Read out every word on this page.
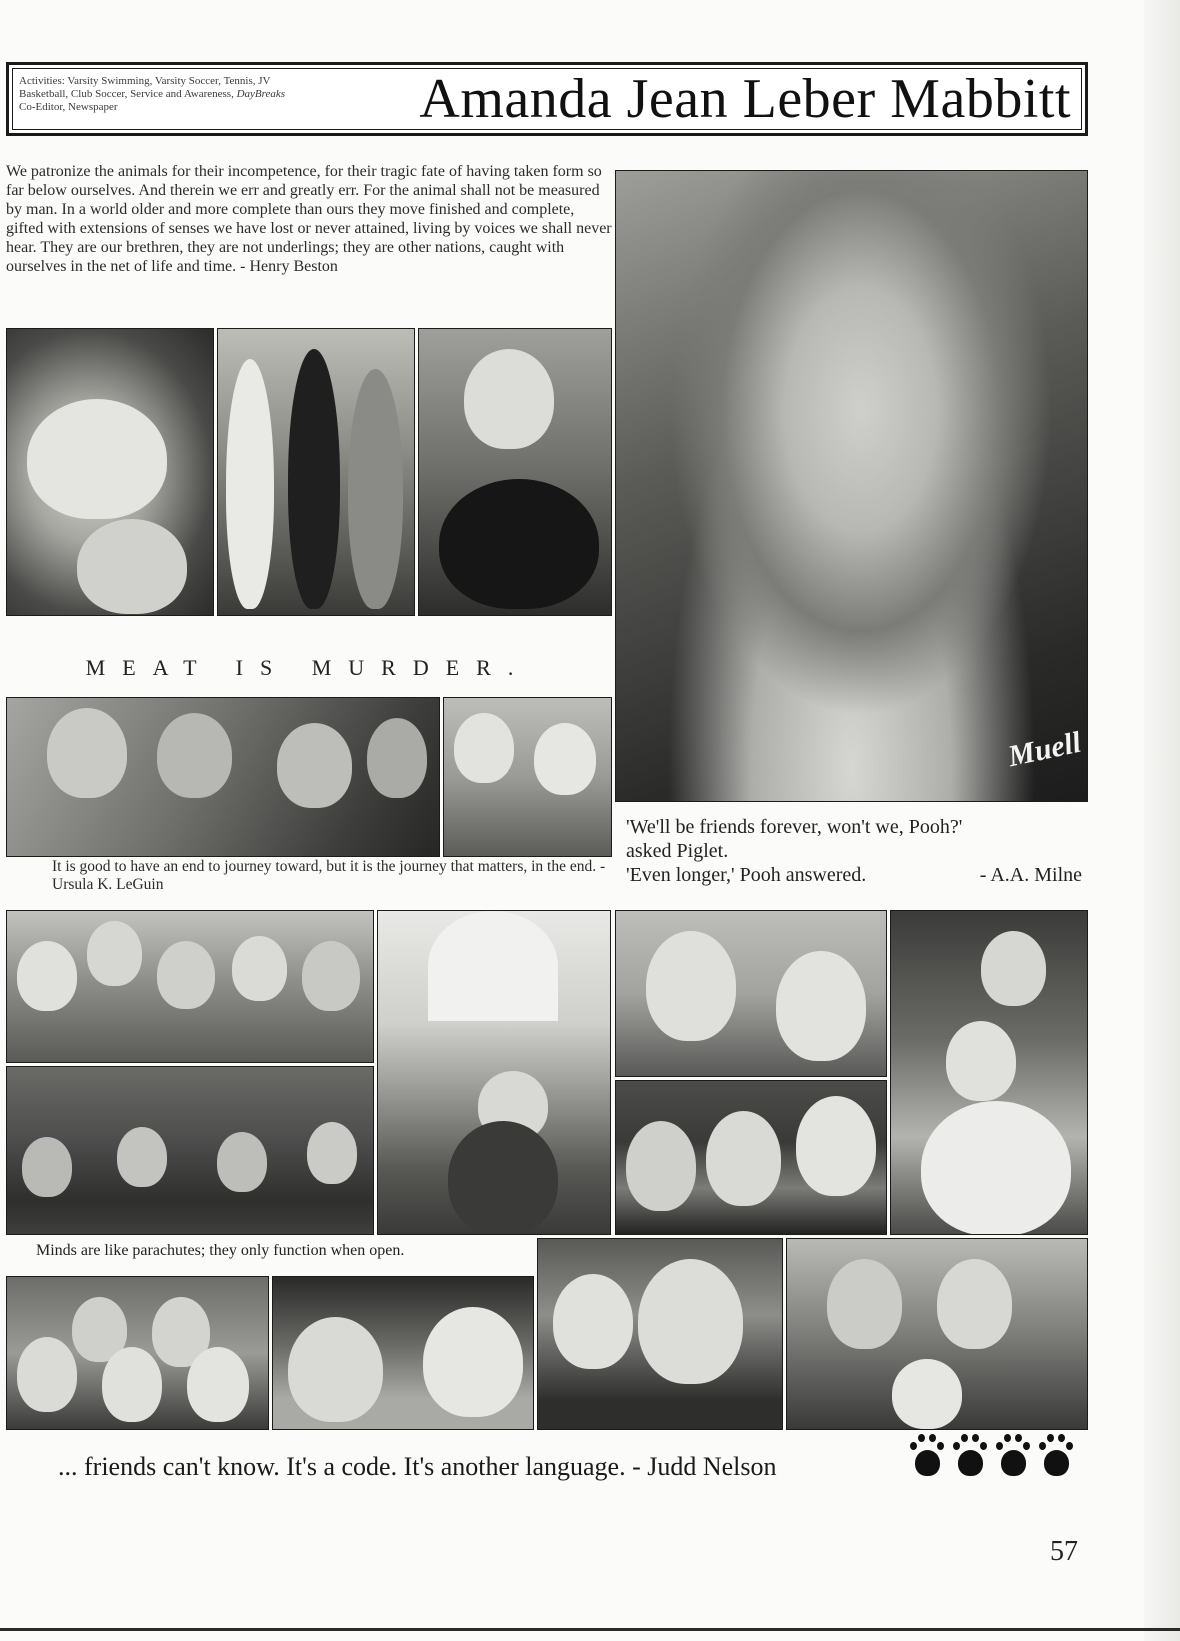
Activities: Varsity Swimming, Varsity Soccer, Tennis, JV
Basketball, Club Soccer, Service and Awareness, DayBreaks
Co-Editor, Newspaper	Amanda Jean Leber Mabbitt
We patronize the animals for their incompetence, for their tragic fate of having taken form so far below ourselves. And therein we err and greatly err. For the animal shall not be measured by man. In a world older and more complete than ours they move finished and complete, gifted with extensions of senses we have lost or never attained, living by voices we shall never hear. They are our brethren, they are not underlings; they are other nations, caught with ourselves in the net of life and time. - Henry Beston
MEAT IS MURDER.
It is good to have an end to journey toward, but it is the journey that matters, in the end. -Ursula K. LeGuin
Muell
'We'll be friends forever, won't we, Pooh?'
asked Piglet.
'Even longer,' Pooh answered.	- A.A. Milne
Minds are like parachutes; they only function when open.
... friends can't know. It's a code. It's another language. - Judd Nelson
57
